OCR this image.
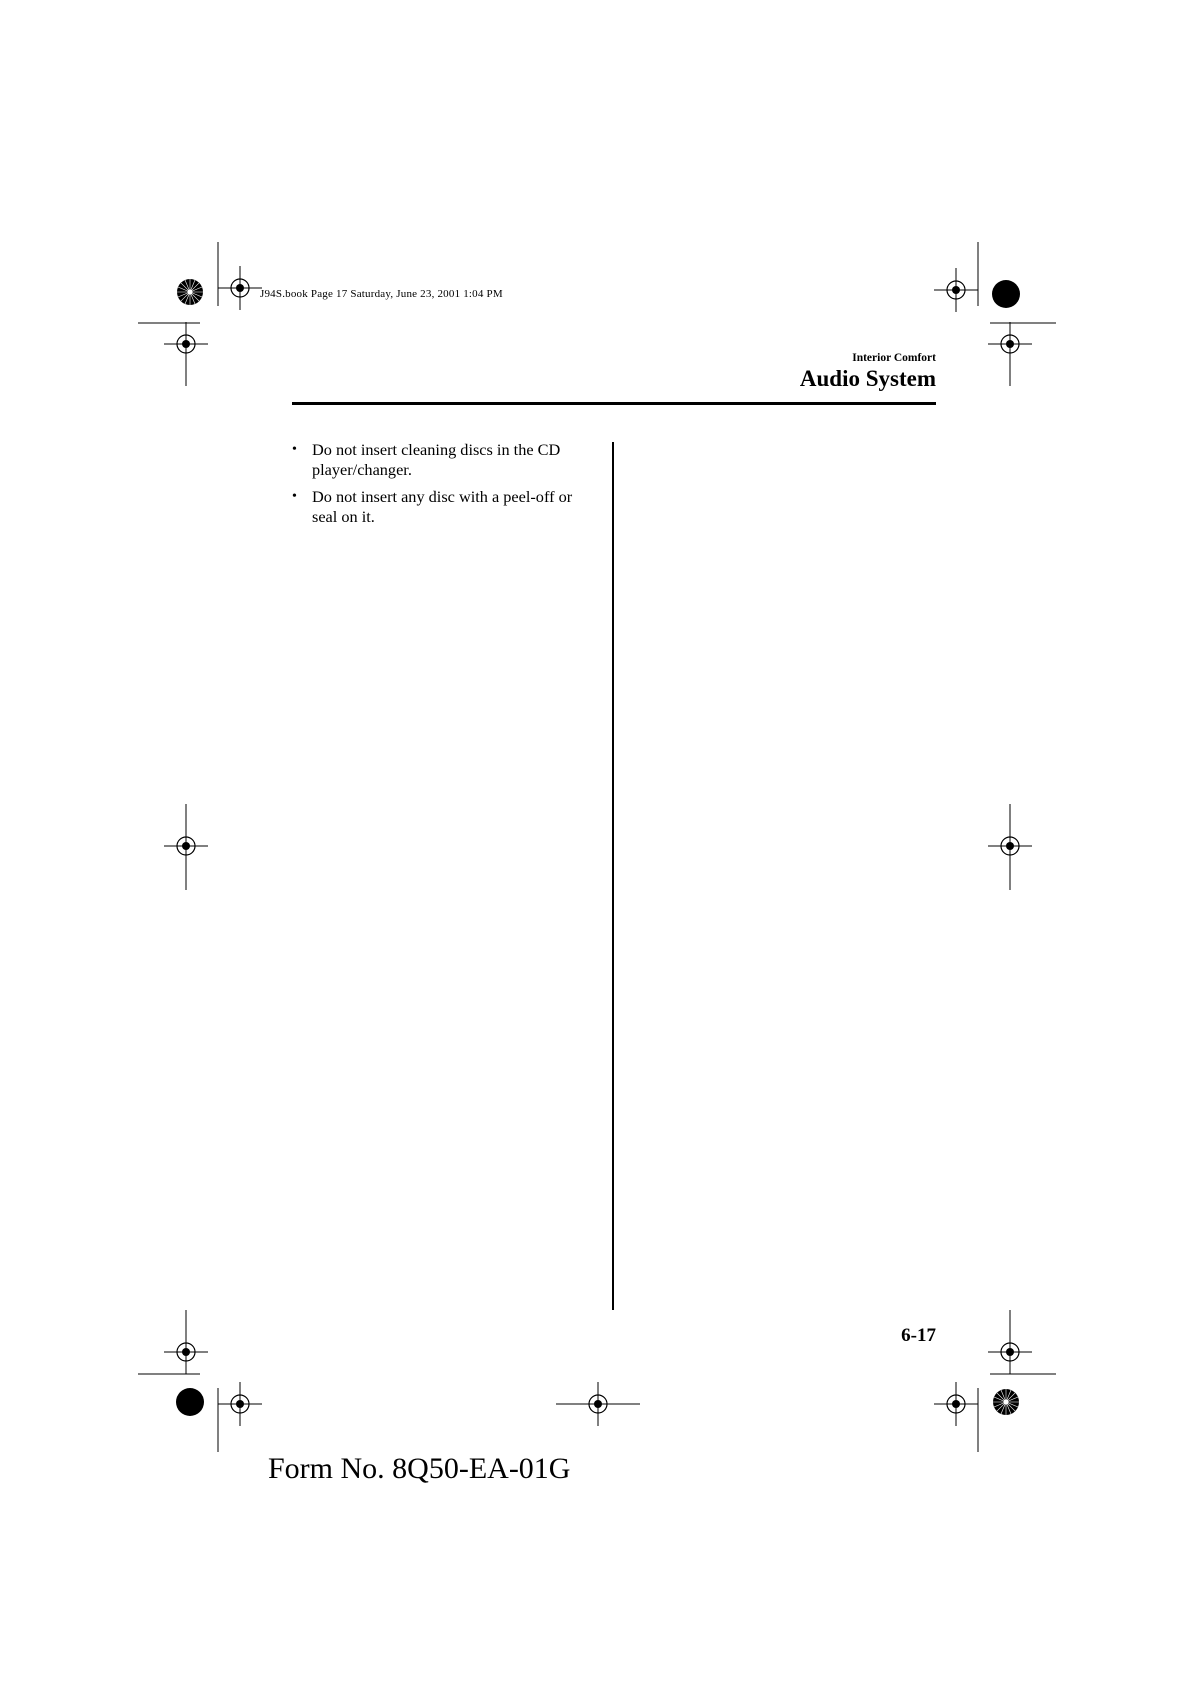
J94S.book Page 17 Saturday, June 23, 2001 1:04 PM
Interior Comfort
Audio System
• Do not insert cleaning discs in the CD player/changer.
• Do not insert any disc with a peel-off or seal on it.
6-17
Form No. 8Q50-EA-01G
